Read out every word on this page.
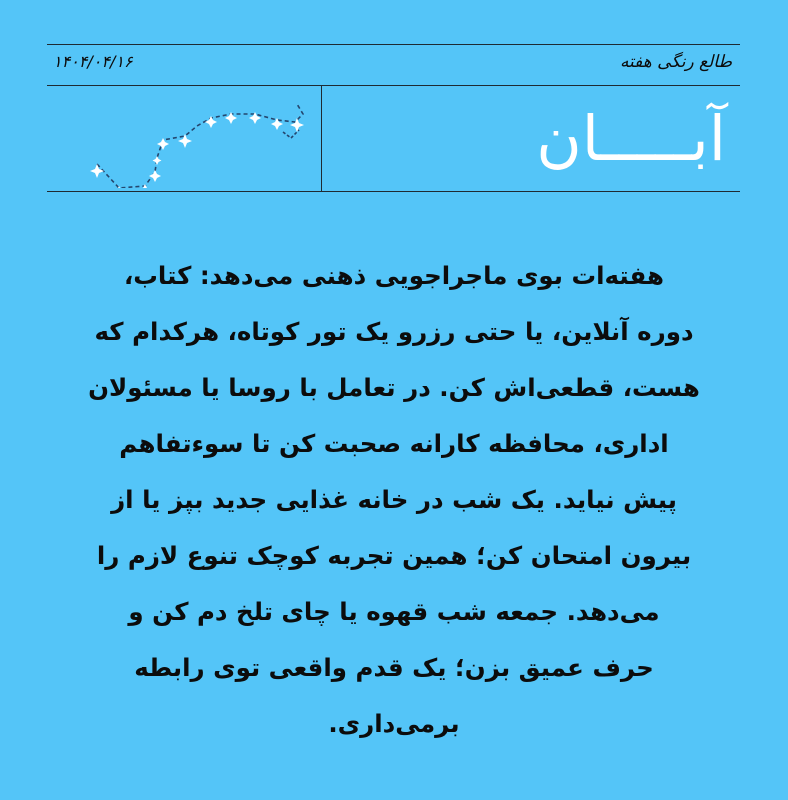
طالع رنگی هفته
۱۴۰۴/۰۴/۱۶
آبـــــان
هفته‌ات بوی ماجراجویی ذهنی می‌دهد: کتاب،
دوره آنلاین، یا حتی رزرو یک تور کوتاه، هرکدام که
هست، قطعی‌اش کن. در تعامل با روسا یا مسئولان
اداری، محافظه کارانه صحبت کن تا سوءتفاهم
پیش نیاید. یک شب در خانه غذایی جدید بپز یا از
بیرون امتحان کن؛ همین تجربه کوچک تنوع لازم را
می‌دهد. جمعه شب قهوه یا چای تلخ دم کن و
حرف عمیق بزن؛ یک قدم واقعی توی رابطه
برمی‌داری.
